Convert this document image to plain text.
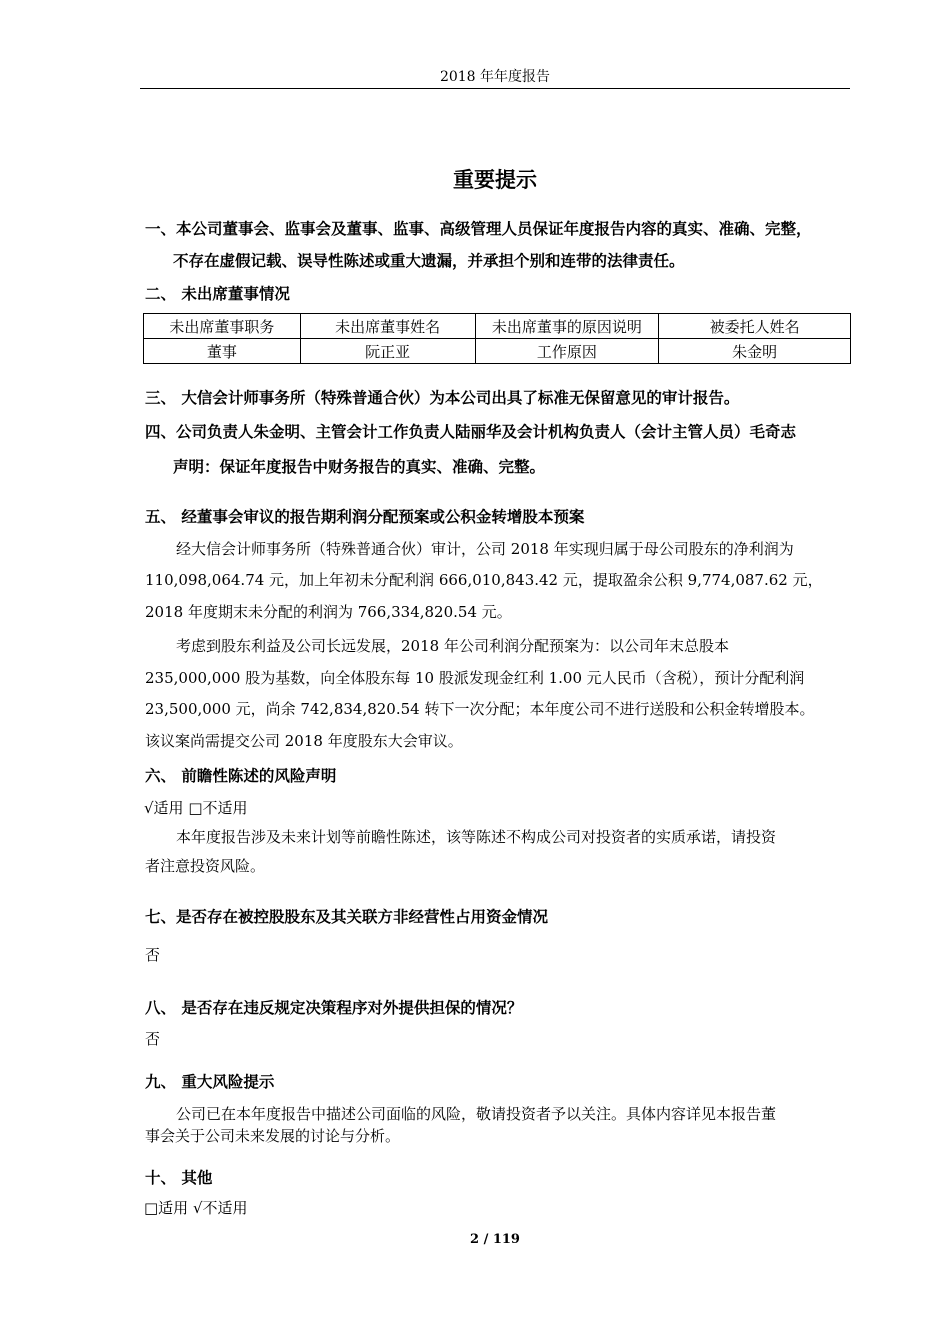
2018 年年度报告
重要提示
一、本公司董事会、监事会及董事、监事、高级管理人员保证年度报告内容的真实、准确、完整，
不存在虚假记载、误导性陈述或重大遗漏，并承担个别和连带的法律责任。
二、 未出席董事情况
未出席董事职务	未出席董事姓名	未出席董事的原因说明	被委托人姓名
董事	阮正亚	工作原因	朱金明
三、 大信会计师事务所（特殊普通合伙）为本公司出具了标准无保留意见的审计报告。
四、公司负责人朱金明、主管会计工作负责人陆丽华及会计机构负责人（会计主管人员）毛奇志
声明：保证年度报告中财务报告的真实、准确、完整。
五、 经董事会审议的报告期利润分配预案或公积金转增股本预案
经大信会计师事务所（特殊普通合伙）审计，公司 2018 年实现归属于母公司股东的净利润为
110,098,064.74 元，加上年初未分配利润 666,010,843.42 元，提取盈余公积 9,774,087.62 元，
2018 年度期末未分配的利润为 766,334,820.54 元。
考虑到股东利益及公司长远发展，2018 年公司利润分配预案为：以公司年末总股本
235,000,000 股为基数，向全体股东每 10 股派发现金红利 1.00 元人民币（含税），预计分配利润
23,500,000 元，尚余 742,834,820.54 转下一次分配；本年度公司不进行送股和公积金转增股本。
该议案尚需提交公司 2018 年度股东大会审议。
六、 前瞻性陈述的风险声明
√适用 □不适用
本年度报告涉及未来计划等前瞻性陈述，该等陈述不构成公司对投资者的实质承诺，请投资
者注意投资风险。
七、是否存在被控股股东及其关联方非经营性占用资金情况
否
八、 是否存在违反规定决策程序对外提供担保的情况？
否
九、 重大风险提示
公司已在本年度报告中描述公司面临的风险，敬请投资者予以关注。具体内容详见本报告董
事会关于公司未来发展的讨论与分析。
十、 其他
□适用 √不适用
2 / 119
